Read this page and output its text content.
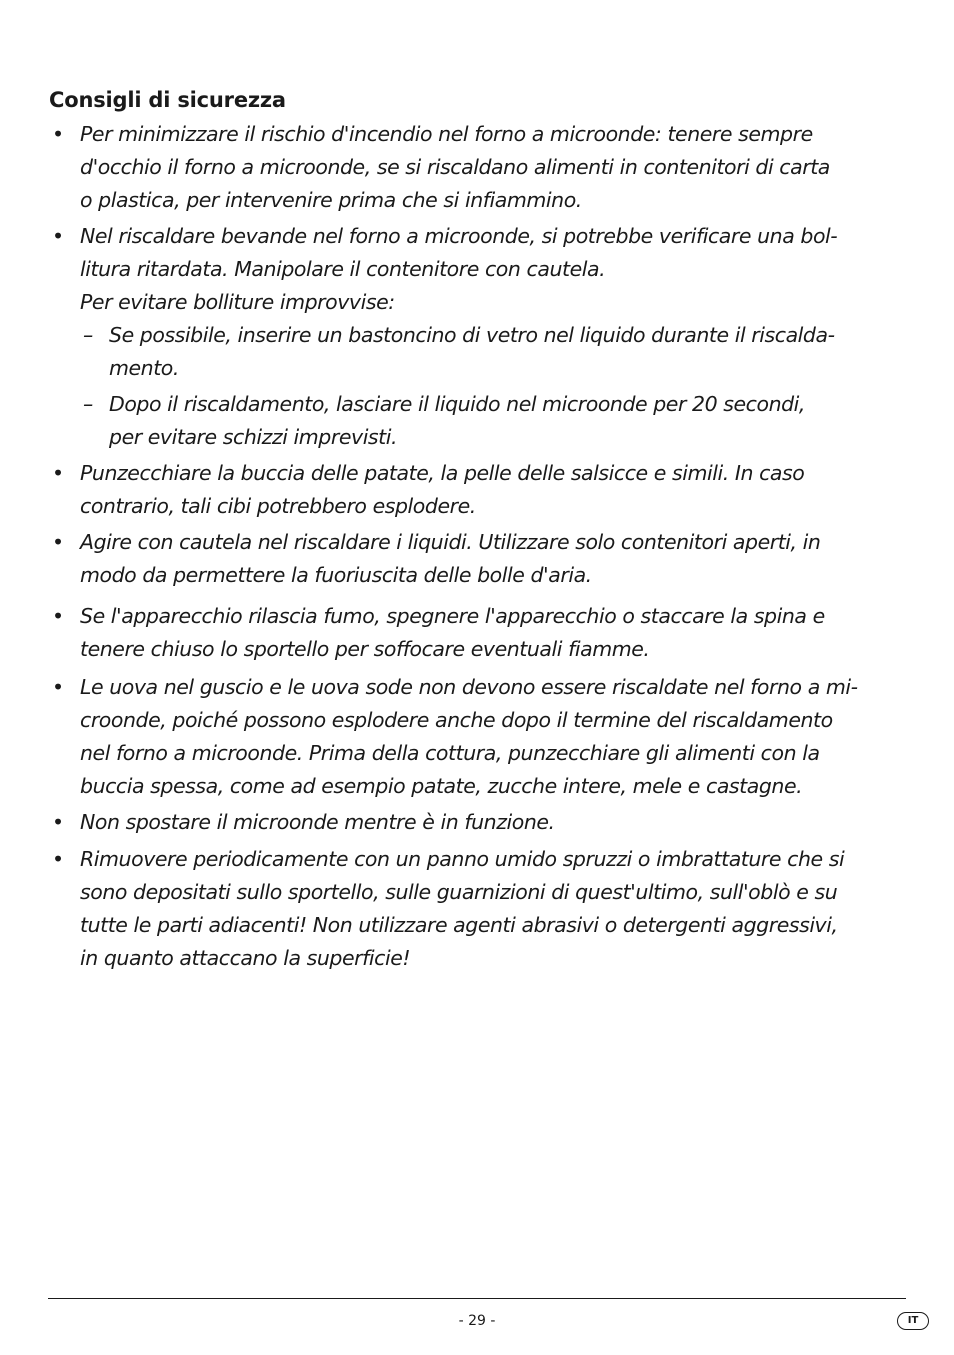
Consigli di sicurezza
• Per minimizzare il rischio d'incendio nel forno a microonde: tenere sempre
d'occhio il forno a microonde, se si riscaldano alimenti in contenitori di carta
o plastica, per intervenire prima che si infiammino.
• Nel riscaldare bevande nel forno a microonde, si potrebbe verificare una bol-
litura ritardata. Manipolare il contenitore con cautela.
Per evitare bolliture improvvise:
– Se possibile, inserire un bastoncino di vetro nel liquido durante il riscalda-
mento.
– Dopo il riscaldamento, lasciare il liquido nel microonde per 20 secondi,
per evitare schizzi imprevisti.
• Punzecchiare la buccia delle patate, la pelle delle salsicce e simili. In caso
contrario, tali cibi potrebbero esplodere.
• Agire con cautela nel riscaldare i liquidi. Utilizzare solo contenitori aperti, in
modo da permettere la fuoriuscita delle bolle d'aria.
• Se l'apparecchio rilascia fumo, spegnere l'apparecchio o staccare la spina e
tenere chiuso lo sportello per soffocare eventuali fiamme.
• Le uova nel guscio e le uova sode non devono essere riscaldate nel forno a mi-
croonde, poiché possono esplodere anche dopo il termine del riscaldamento
nel forno a microonde. Prima della cottura, punzecchiare gli alimenti con la
buccia spessa, come ad esempio patate, zucche intere, mele e castagne.
• Non spostare il microonde mentre è in funzione.
• Rimuovere periodicamente con un panno umido spruzzi o imbrattature che si
sono depositati sullo sportello, sulle guarnizioni di quest'ultimo, sull'oblò e su
tutte le parti adiacenti! Non utilizzare agenti abrasivi o detergenti aggressivi,
in quanto attaccano la superficie!
- 29 -	IT
